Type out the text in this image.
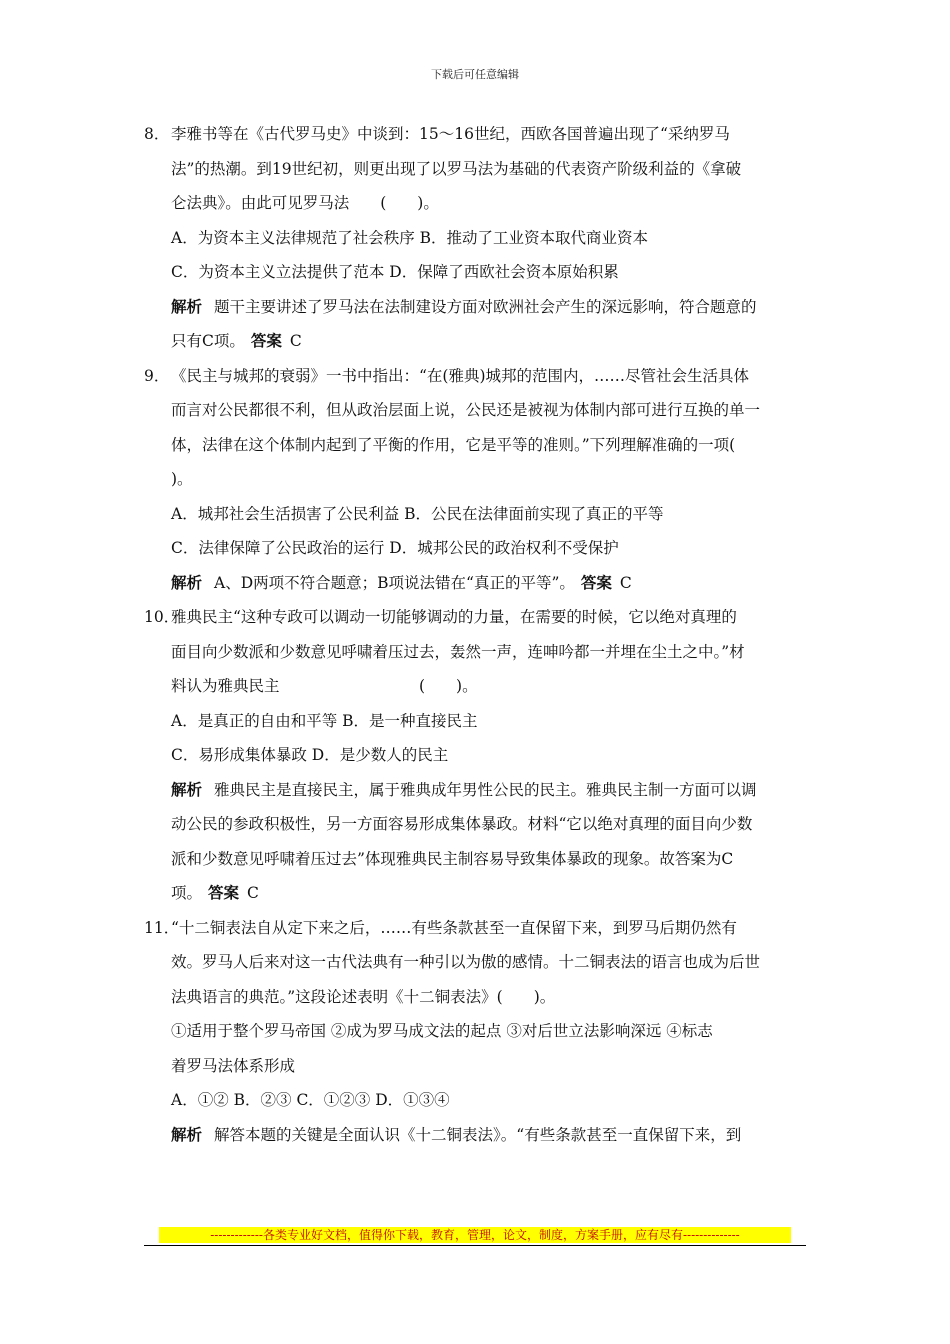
下载后可任意编辑
8． 李雅书等在《古代罗马史》中谈到：15～16世纪，西欧各国普遍出现了“采纳罗马
法”的热潮。到19世纪初，则更出现了以罗马法为基础的代表资产阶级利益的《拿破
仑法典》。由此可见罗马法　　(　　)。
A．为资本主义法律规范了社会秩序 B．推动了工业资本取代商业资本
C．为资本主义立法提供了范本 D．保障了西欧社会资本原始积累
解析 题干主要讲述了罗马法在法制建设方面对欧洲社会产生的深远影响，符合题意的
只有C项。 答案 C
9． 《民主与城邦的衰弱》一书中指出：“在(雅典)城邦的范围内，……尽管社会生活具体
而言对公民都很不利，但从政治层面上说，公民还是被视为体制内部可进行互换的单一
体，法律在这个体制内起到了平衡的作用，它是平等的准则。”下列理解准确的一项(
)。
A．城邦社会生活损害了公民利益 B．公民在法律面前实现了真正的平等
C．法律保障了公民政治的运行 D．城邦公民的政治权利不受保护
解析 A、D两项不符合题意；B项说法错在“真正的平等”。 答案 C
10．
雅典民主“这种专政可以调动一切能够调动的力量，在需要的时候，它以绝对真理的
面目向少数派和少数意见呼啸着压过去，轰然一声，连呻吟都一并埋在尘土之中。”材
料认为雅典民主　　　　　　　　　(　　)。
A．是真正的自由和平等 B．是一种直接民主
C．易形成集体暴政 D．是少数人的民主
解析 雅典民主是直接民主，属于雅典成年男性公民的民主。雅典民主制一方面可以调
动公民的参政积极性，另一方面容易形成集体暴政。材料“它以绝对真理的面目向少数
派和少数意见呼啸着压过去”体现雅典民主制容易导致集体暴政的现象。故答案为C
项。 答案 C
11．
“十二铜表法自从定下来之后，……有些条款甚至一直保留下来，到罗马后期仍然有
效。罗马人后来对这一古代法典有一种引以为傲的感情。十二铜表法的语言也成为后世
法典语言的典范。”这段论述表明《十二铜表法》(　　)。
①适用于整个罗马帝国 ②成为罗马成文法的起点 ③对后世立法影响深远 ④标志
着罗马法体系形成
A．①② B．②③ C．①②③ D．①③④
解析 解答本题的关键是全面认识《十二铜表法》。“有些条款甚至一直保留下来，到
-------------各类专业好文档，值得你下载，教育，管理，论文，制度，方案手册，应有尽有--------------
